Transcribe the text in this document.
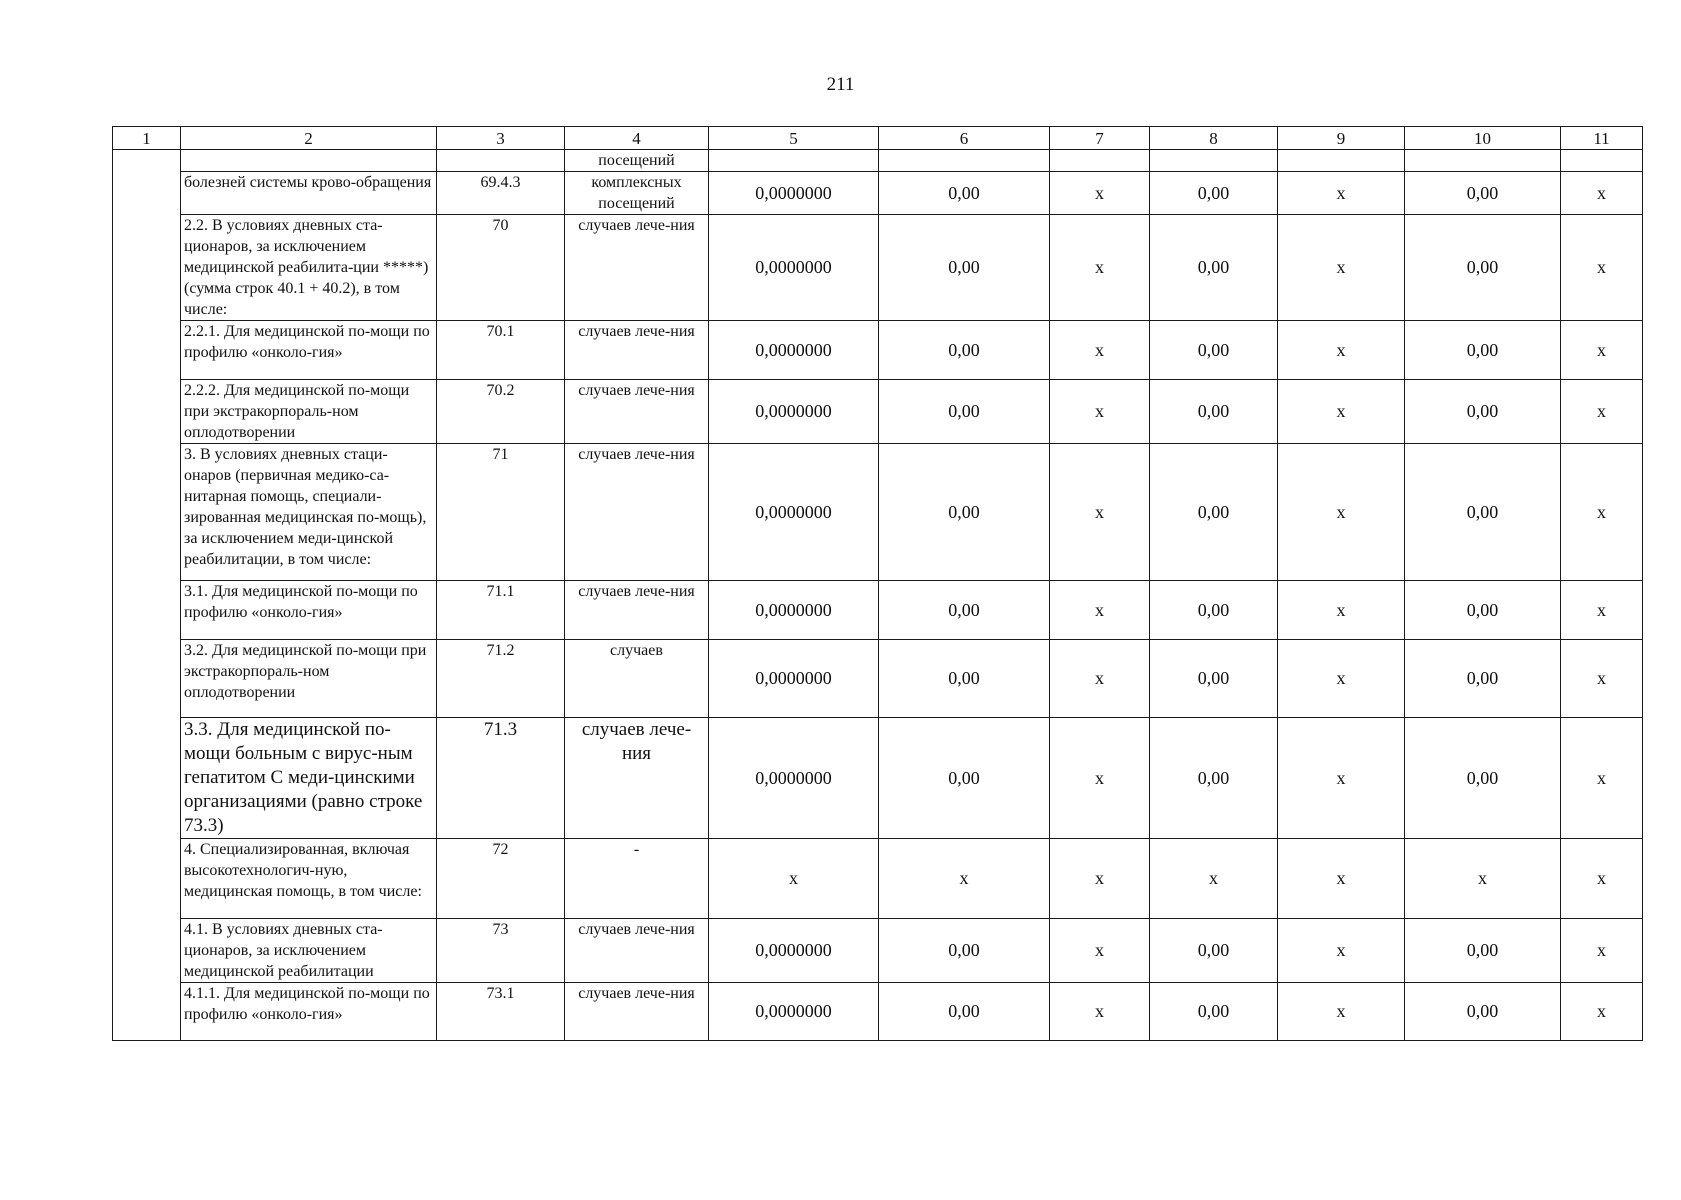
211
1	2	3	4	5	6	7	8	9	10	11
			посещений							
	болезней системы крово-обращения	69.4.3	комплексных посещений	0,0000000	0,00	х	0,00	х	0,00	х
	2.2. В условиях дневных ста-ционаров, за исключением медицинской реабилита-ции *****) (сумма строк 40.1 + 40.2), в том числе:	70	случаев лече-ния	0,0000000	0,00	х	0,00	х	0,00	х
	2.2.1. Для медицинской по-мощи по профилю «онколо-гия»	70.1	случаев лече-ния	0,0000000	0,00	х	0,00	х	0,00	х
	2.2.2. Для медицинской по-мощи при экстракорпораль-ном оплодотворении	70.2	случаев лече-ния	0,0000000	0,00	х	0,00	х	0,00	х
	3. В условиях дневных стаци-онаров (первичная медико-са-нитарная помощь, специали-зированная медицинская по-мощь), за исключением меди-цинской реабилитации, в том числе:	71	случаев лече-ния	0,0000000	0,00	х	0,00	х	0,00	х
	3.1. Для медицинской по-мощи по профилю «онколо-гия»	71.1	случаев лече-ния	0,0000000	0,00	х	0,00	х	0,00	х
	3.2. Для медицинской по-мощи при экстракорпораль-ном оплодотворении	71.2	случаев	0,0000000	0,00	х	0,00	х	0,00	х
	3.3. Для медицинской по-мощи больным с вирус-ным гепатитом С меди-цинскими организациями (равно строке 73.3)	71.3	случаев лече-ния	0,0000000	0,00	х	0,00	х	0,00	х
	4. Специализированная, включая высокотехнологич-ную, медицинская помощь, в том числе:	72	-	х	х	х	х	х	х	х
	4.1. В условиях дневных ста-ционаров, за исключением медицинской реабилитации	73	случаев лече-ния	0,0000000	0,00	х	0,00	х	0,00	х
	4.1.1. Для медицинской по-мощи по профилю «онколо-гия»	73.1	случаев лече-ния	0,0000000	0,00	х	0,00	х	0,00	х
